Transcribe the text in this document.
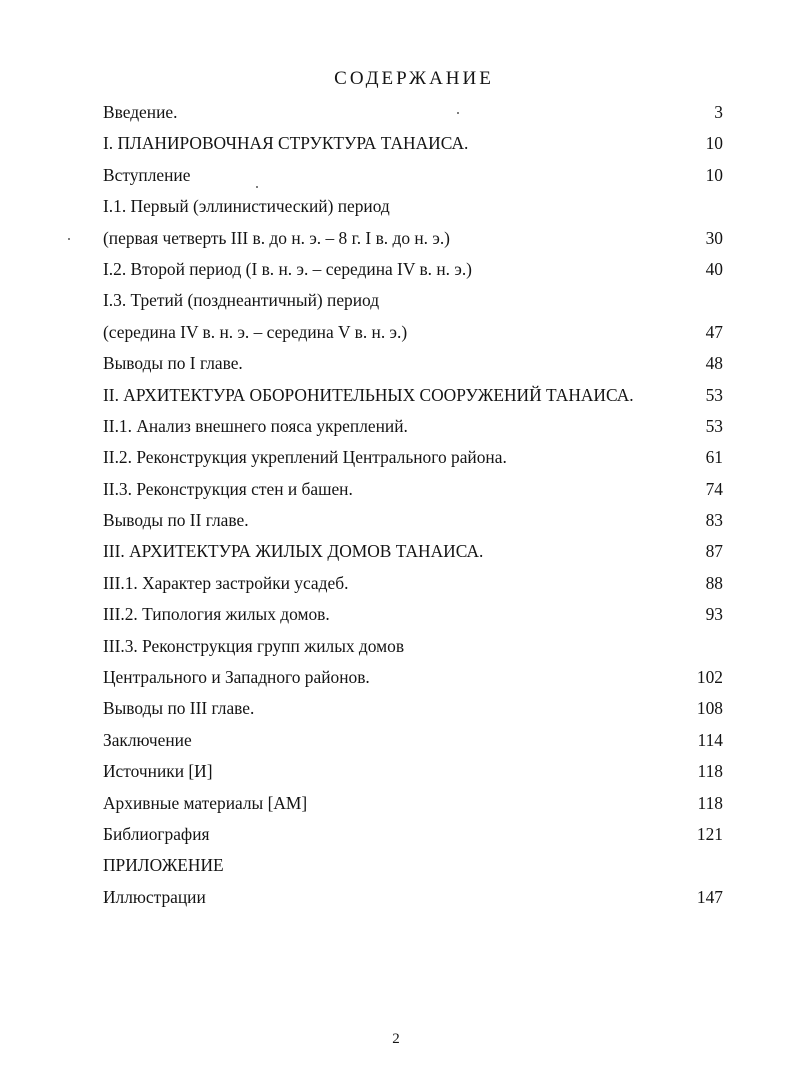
СОДЕРЖАНИЕ
Введение.	3
I. ПЛАНИРОВОЧНАЯ СТРУКТУРА ТАНАИСА.	10
Вступление	10
I.1. Первый (эллинистический) период
(первая четверть III в. до н. э. – 8 г. I в. до н. э.)	30
I.2. Второй период (I в. н. э. – середина IV в. н. э.)	40
I.3. Третий (позднеантичный) период
(середина IV в. н. э. – середина V в. н. э.)	47
Выводы по I главе.	48
II. АРХИТЕКТУРА ОБОРОНИТЕЛЬНЫХ СООРУЖЕНИЙ ТАНАИСА.	53
II.1. Анализ внешнего пояса укреплений.	53
II.2. Реконструкция укреплений Центрального района.	61
II.3. Реконструкция стен и башен.	74
Выводы по II главе.	83
III. АРХИТЕКТУРА ЖИЛЫХ ДОМОВ ТАНАИСА.	87
III.1. Характер застройки усадеб.	88
III.2. Типология жилых домов.	93
III.3. Реконструкция групп жилых домов
Центрального и Западного районов.	102
Выводы по III главе.	108
Заключение	114
Источники [И]	118
Архивные материалы [АМ]	118
Библиография	121
ПРИЛОЖЕНИЕ
Иллюстрации	147
2
